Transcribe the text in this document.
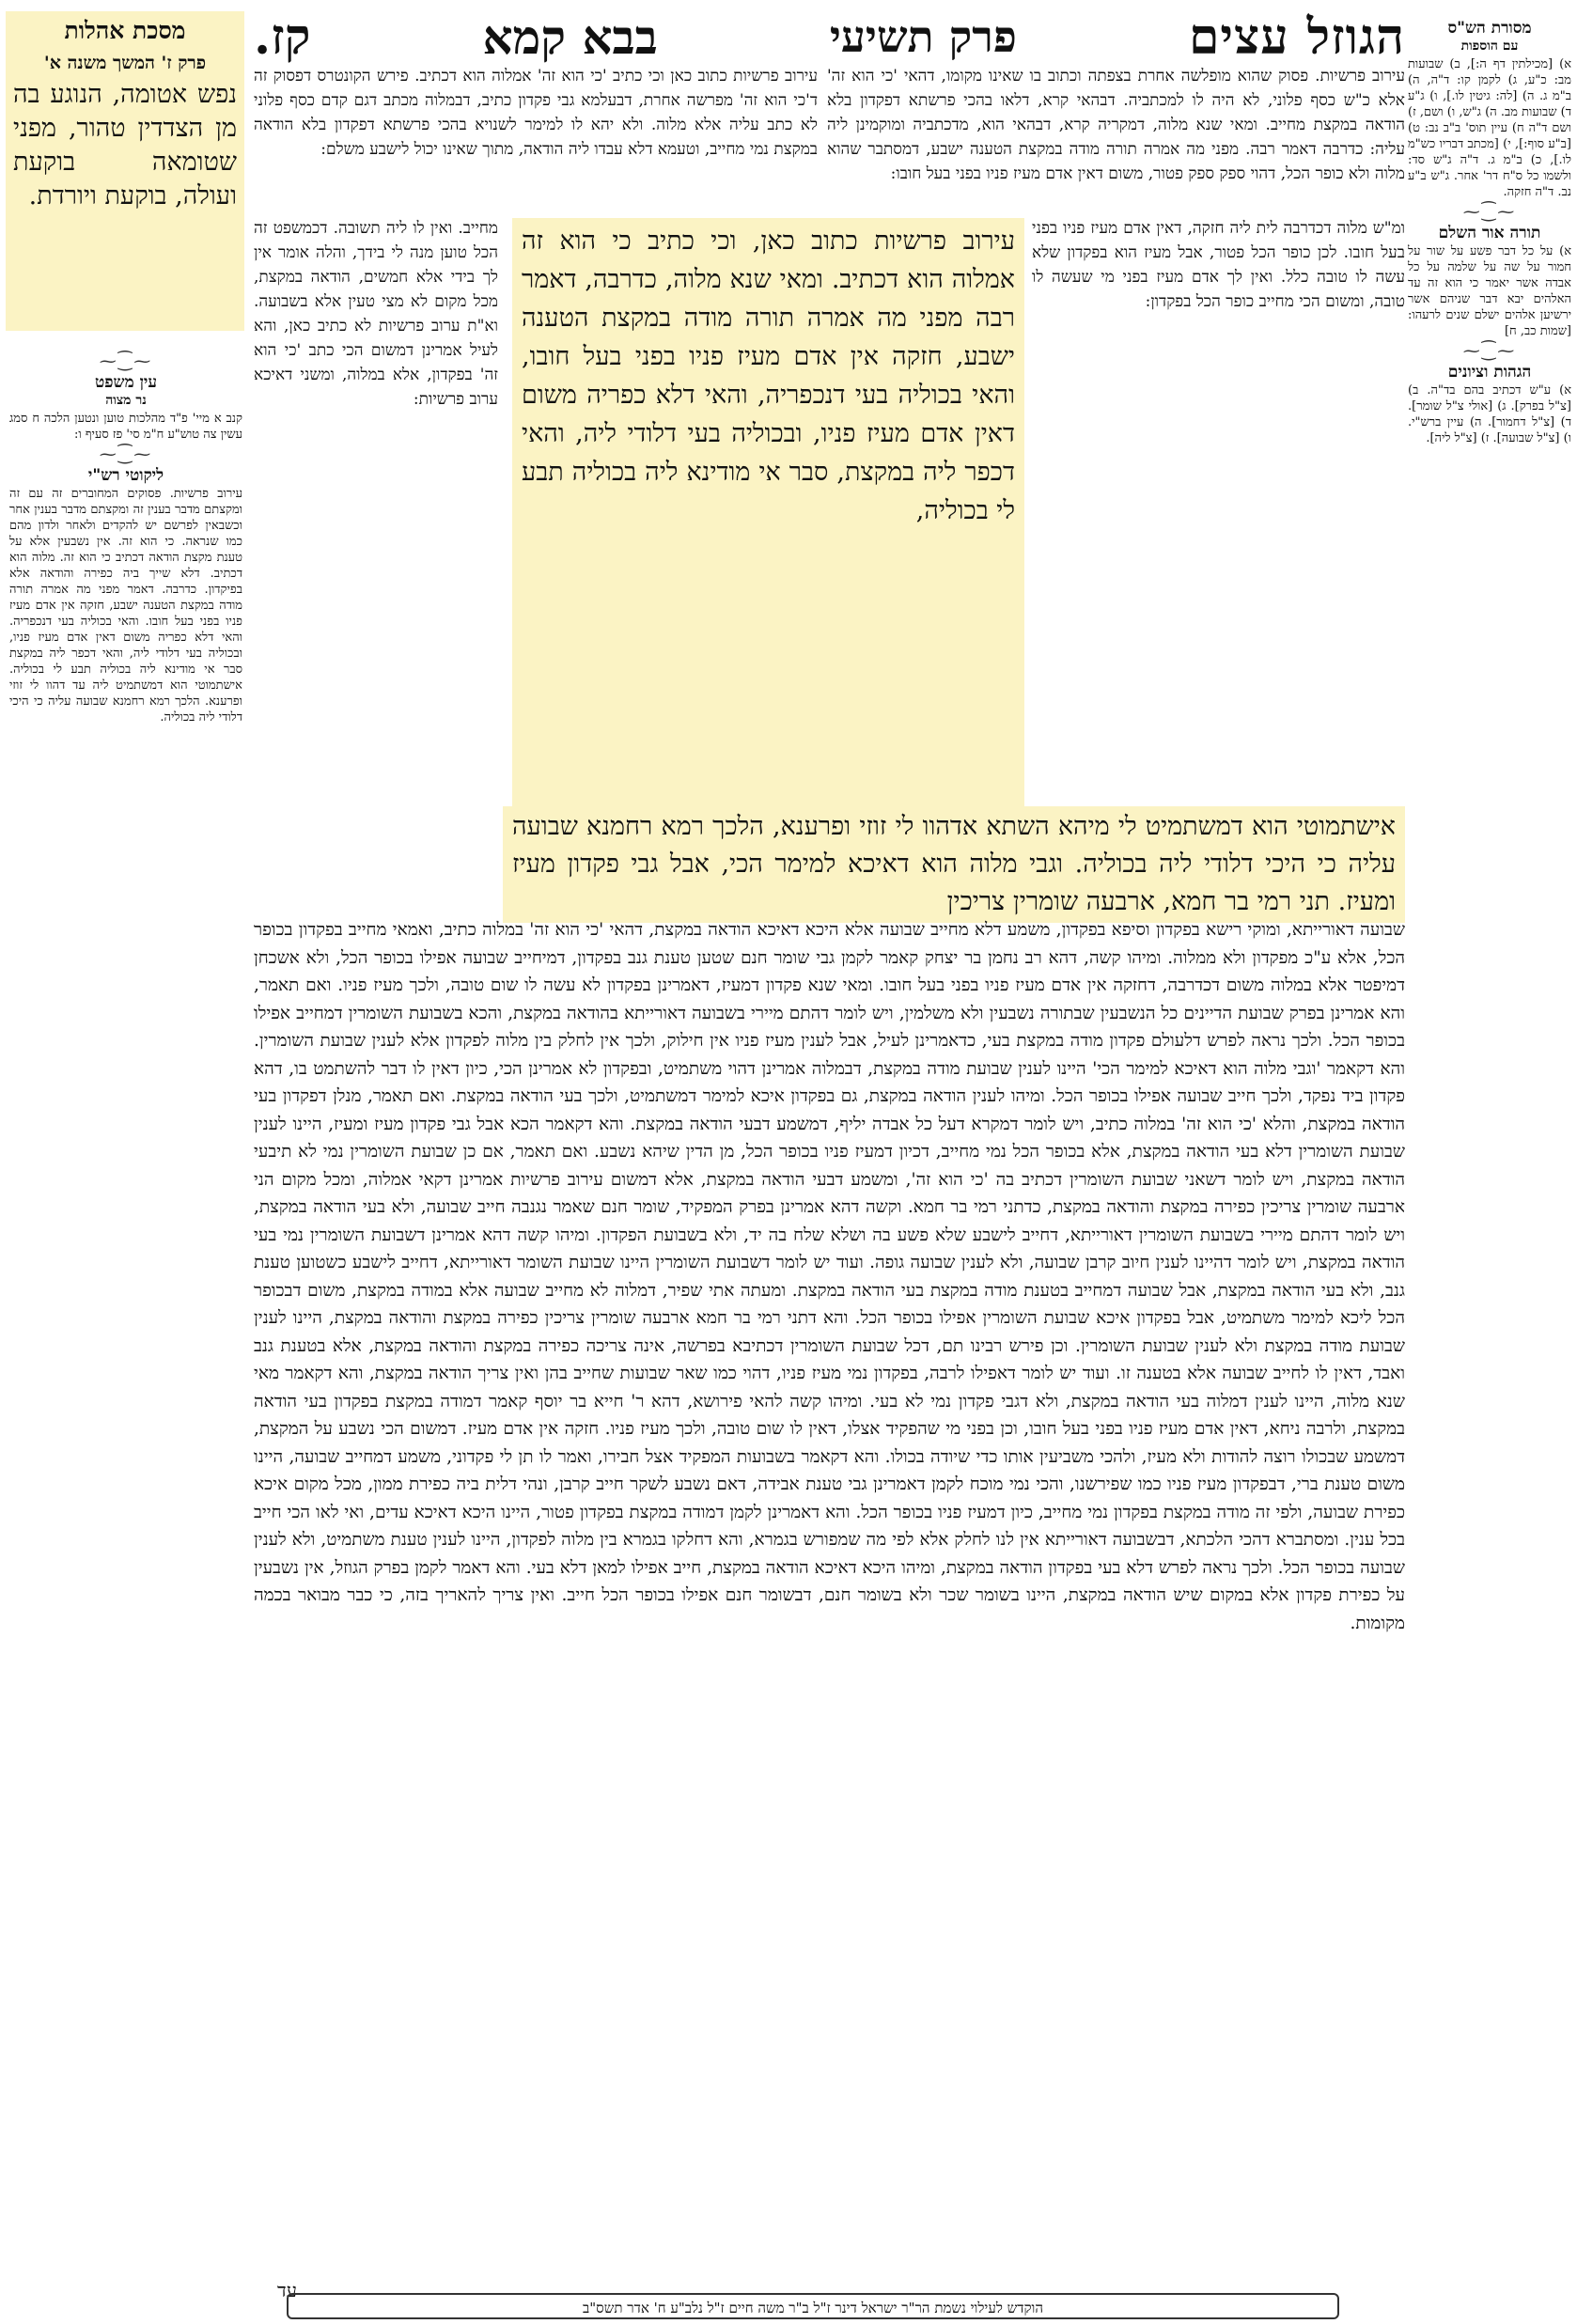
הגוזל עצים
פרק תשיעי
בבא קמא
קז.
מסכת אהלות
פרק ז' המשך משנה א'
נפש אטומה, הנוגע בה מן הצדדין טהור, מפני שטומאה בוקעת ועולה, בוקעת ויורדת.
מסורת הש"ס
עם הוספות
א) [מכילתין דף ה:], ב) שבועות מב: כ"ע, ג) לקמן קו: ד"ה, ה) ב"מ ג. ה) [לה: גיטין לו.], ו) ג"ע ד) שבועות מב. ה) ג"ש, ו) ושם, ז) ושם ד"ה ח) עיין תוס' ב"ב נב: ט) [ב"ע סוף:], י) [מכתב דבריו כש"מ לו.], כ) ב"מ ג. ד"ה ג"ש סד: ולשמו כל ס"ח דר' אחר. ג"ש ב"ע נב. ד"ה חזקה.
⁓⁐⁓
תורה אור השלם
א) על כל דבר פשע על שור על חמור על שה על שלמה על כל אבדה אשר יאמר כי הוא זה עד האלהים יבא דבר שניהם אשר ירשיען אלהים ישלם שנים לרעהו: [שמות כב, ח]
⁓⁐⁓
הגהות וציונים
א) ע"ש דכתיב בהם בד"ה. ב) [צ"ל בפרק]. ג) [אולי צ"ל שומר]. ד) [צ"ל דחמור]. ה) עיין ברש"י. ו) [צ"ל שבועה]. ז) [צ"ל ליה].
⁓⁐⁓
עין משפט
נר מצוה
קנב א מיי' פ"ד מהלכות טוען ונטען הלכה ח סמג עשין צה טוש"ע ח"מ סי' פז סעיף ו:
⁓⁐⁓
ליקוטי רש"י
עירוב פרשיות. פסוקים המחוברים זה עם זה ומקצתם מדבר בענין זה ומקצתם מדבר בענין אחר וכשבאין לפרשם יש להקדים ולאחר ולדון מהם כמו שנראה. כי הוא זה. אין נשבעין אלא על טענת מקצת הודאה דכתיב כי הוא זה. מלוה הוא דכתיב. דלא שייך ביה כפירה והודאה אלא בפיקדון. כדרבה. דאמר מפני מה אמרה תורה מודה במקצת הטענה ישבע, חזקה אין אדם מעיז פניו בפני בעל חובו. והאי בכוליה בעי דנכפריה. והאי דלא כפריה משום דאין אדם מעיז פניו, ובכוליה בעי דלודי ליה, והאי דכפר ליה במקצת סבר אי מודינא ליה בכוליה תבע לי בכוליה. אישתמוטי הוא דמשתמיט ליה עד דהוו לי זוזי ופרענא. הלכך רמא רחמנא שבועה עליה כי היכי דלודי ליה בכוליה.
עירוב פרשיות. פסוק שהוא מופלשה אחרת בצפתה וכתוב בו שאינו מקומו, דהאי 'כי הוא זה' אלא כ"ש כסף פלוני, לא היה לו למכתביה. דבהאי קרא, דלאו בהכי פרשתא דפקדון בלא הודאה במקצת מחייב. ומאי שנא מלוה, דמקריה קרא, דבהאי הוא, מדכתביה ומוקמינן ליה עליה: כדרבה דאמר רבה. מפני מה אמרה תורה מודה במקצת הטענה ישבע, דמסתבר שהוא מלוה ולא כופר הכל, דהוי ספק ספק פטור, משום דאין אדם מעיז פניו בפני בעל חובו:
עירוב פרשיות כתוב כאן וכי כתיב 'כי הוא זה' אמלוה הוא דכתיב. פירש הקונטרס דפסוק זה ד'כי הוא זה' מפרשה אחרת, דבעלמא גבי פקדון כתיב, דבמלוה מכתב דגם קדם כסף פלוני לא כתב עליה אלא מלוה. ולא יהא לו למימר לשנויא בהכי פרשתא דפקדון בלא הודאה במקצת נמי מחייב, וטעמא דלא עבדו ליה הודאה, מתוך שאינו יכול לישבע משלם:
ומ"ש מלוה דכדרבה לית ליה חזקה, דאין אדם מעיז פניו בפני בעל חובו. לכן כופר הכל פטור, אבל מעיז הוא בפקדון שלא עשה לו טובה כלל. ואין לך אדם מעיז בפני מי שעשה לו טובה, ומשום הכי מחייב כופר הכל בפקדון:
מחייב. ואין לו ליה תשובה. דכמשפט זה הכל טוען מנה לי בידך, והלה אומר אין לך בידי אלא חמשים, הודאה במקצת, מכל מקום לא מצי טעין אלא בשבועה. וא"ת ערוב פרשיות לא כתיב כאן, והא לעיל אמרינן דמשום הכי כתב 'כי הוא זה' בפקדון, אלא במלוה, ומשני דאיכא ערוב פרשיות:
עירוב פרשיות כתוב כאן, וכי כתיב כי הוא זה אמלוה הוא דכתיב. ומאי שנא מלוה, כדרבה, דאמר רבה מפני מה אמרה תורה מודה במקצת הטענה ישבע, חזקה אין אדם מעיז פניו בפני בעל חובו, והאי בכוליה בעי דנכפריה, והאי דלא כפריה משום דאין אדם מעיז פניו, ובכוליה בעי דלודי ליה, והאי דכפר ליה במקצת, סבר אי מודינא ליה בכוליה תבע לי בכוליה,
אישתמוטי הוא דמשתמיט לי מיהא השתא אדהוו לי זוזי ופרענא, הלכך רמא רחמנא שבועה עליה כי היכי דלודי ליה בכוליה. וגבי מלוה הוא דאיכא למימר הכי, אבל גבי פקדון מעיז ומעיז. תני רמי בר חמא, ארבעה שומרין צריכין
שבועה דאורייתא, ומוקי רישא בפקדון וסיפא בפקדון, משמע דלא מחייב שבועה אלא היכא דאיכא הודאה במקצת, דהאי 'כי הוא זה' במלוה כתיב, ואמאי מחייב בפקדון בכופר הכל, אלא ע"כ מפקדון ולא ממלוה. ומיהו קשה, דהא רב נחמן בר יצחק קאמר לקמן גבי שומר חנם שטען טענת גנב בפקדון, דמיחייב שבועה אפילו בכופר הכל, ולא אשכחן דמיפטר אלא במלוה משום דכדרבה, דחזקה אין אדם מעיז פניו בפני בעל חובו. ומאי שנא פקדון דמעיז, דאמרינן בפקדון לא עשה לו שום טובה, ולכך מעיז פניו. ואם תאמר, והא אמרינן בפרק שבועת הדיינים כל הנשבעין שבתורה נשבעין ולא משלמין, ויש לומר דהתם מיירי בשבועה דאורייתא בהודאה במקצת, והכא בשבועת השומרין דמחייב אפילו בכופר הכל. ולכך נראה לפרש דלעולם פקדון מודה במקצת בעי, כדאמרינן לעיל, אבל לענין מעיז פניו אין חילוק, ולכך אין לחלק בין מלוה לפקדון אלא לענין שבועת השומרין. והא דקאמר 'וגבי מלוה הוא דאיכא למימר הכי' היינו לענין שבועת מודה במקצת, דבמלוה אמרינן דהוי משתמיט, ובפקדון לא אמרינן הכי, כיון דאין לו דבר להשתמט בו, דהא פקדון ביד נפקד, ולכך חייב שבועה אפילו בכופר הכל. ומיהו לענין הודאה במקצת, גם בפקדון איכא למימר דמשתמיט, ולכך בעי הודאה במקצת. ואם תאמר, מנלן דפקדון בעי הודאה במקצת, והלא 'כי הוא זה' במלוה כתיב, ויש לומר דמקרא דעל כל אבדה יליף, דמשמע דבעי הודאה במקצת. והא דקאמר הכא אבל גבי פקדון מעיז ומעיז, היינו לענין שבועת השומרין דלא בעי הודאה במקצת, אלא בכופר הכל נמי מחייב, דכיון דמעיז פניו בכופר הכל, מן הדין שיהא נשבע. ואם תאמר, אם כן שבועת השומרין נמי לא תיבעי הודאה במקצת, ויש לומר דשאני שבועת השומרין דכתיב בה 'כי הוא זה', ומשמע דבעי הודאה במקצת, אלא דמשום עירוב פרשיות אמרינן דקאי אמלוה, ומכל מקום הני ארבעה שומרין צריכין כפירה במקצת והודאה במקצת, כדתני רמי בר חמא. וקשה דהא אמרינן בפרק המפקיד, שומר חנם שאמר נגנבה חייב שבועה, ולא בעי הודאה במקצת, ויש לומר דהתם מיירי בשבועת השומרין דאורייתא, דחייב לישבע שלא פשע בה ושלא שלח בה יד, ולא בשבועת הפקדון. ומיהו קשה דהא אמרינן דשבועת השומרין נמי בעי הודאה במקצת, ויש לומר דהיינו לענין חיוב קרבן שבועה, ולא לענין שבועה גופה. ועוד יש לומר דשבועת השומרין היינו שבועת השומר דאורייתא, דחייב לישבע כשטוען טענת גנב, ולא בעי הודאה במקצת, אבל שבועה דמחייב בטענת מודה במקצת בעי הודאה במקצת. ומעתה אתי שפיר, דמלוה לא מחייב שבועה אלא במודה במקצת, משום דבכופר הכל ליכא למימר משתמיט, אבל בפקדון איכא שבועת השומרין אפילו בכופר הכל. והא דתני רמי בר חמא ארבעה שומרין צריכין כפירה במקצת והודאה במקצת, היינו לענין שבועת מודה במקצת ולא לענין שבועת השומרין. וכן פירש רבינו תם, דכל שבועת השומרין דכתיבא בפרשה, אינה צריכה כפירה במקצת והודאה במקצת, אלא בטענת גנב ואבד, דאין לו לחייב שבועה אלא בטענה זו. ועוד יש לומר דאפילו לרבה, בפקדון נמי מעיז פניו, דהוי כמו שאר שבועות שחייב בהן ואין צריך הודאה במקצת, והא דקאמר מאי שנא מלוה, היינו לענין דמלוה בעי הודאה במקצת, ולא דגבי פקדון נמי לא בעי. ומיהו קשה להאי פירושא, דהא ר' חייא בר יוסף קאמר דמודה במקצת בפקדון בעי הודאה במקצת, ולרבה ניחא, דאין אדם מעיז פניו בפני בעל חובו, וכן בפני מי שהפקיד אצלו, דאין לו שום טובה, ולכך מעיז פניו. חזקה אין אדם מעיז. דמשום הכי נשבע על המקצת, דמשמע שבכולו רוצה להודות ולא מעיז, ולהכי משביעין אותו כדי שיודה בכולו. והא דקאמר בשבועות המפקיד אצל חבירו, ואמר לו תן לי פקדוני, משמע דמחייב שבועה, היינו משום טענת ברי, דבפקדון מעיז פניו כמו שפירשנו, והכי נמי מוכח לקמן דאמרינן גבי טענת אבידה, דאם נשבע לשקר חייב קרבן, ונהי דלית ביה כפירת ממון, מכל מקום איכא כפירת שבועה, ולפי זה מודה במקצת בפקדון נמי מחייב, כיון דמעיז פניו בכופר הכל. והא דאמרינן לקמן דמודה במקצת בפקדון פטור, היינו היכא דאיכא עדים, ואי לאו הכי חייב בכל ענין. ומסתברא דהכי הלכתא, דבשבועה דאורייתא אין לנו לחלק אלא לפי מה שמפורש בגמרא, והא דחלקו בגמרא בין מלוה לפקדון, היינו לענין טענת משתמיט, ולא לענין שבועה בכופר הכל. ולכך נראה לפרש דלא בעי בפקדון הודאה במקצת, ומיהו היכא דאיכא הודאה במקצת, חייב אפילו למאן דלא בעי. והא דאמר לקמן בפרק הגוזל, אין נשבעין על כפירת פקדון אלא במקום שיש הודאה במקצת, היינו בשומר שכר ולא בשומר חנם, דבשומר חנם אפילו בכופר הכל חייב. ואין צריך להאריך בזה, כי כבר מבואר בכמה מקומות.
עד
הוקדש לעילוי נשמת הר"ר ישראל דינר ז"ל ב"ר משה חיים ז"ל נלב"ע ח' אדר תשס"ב
